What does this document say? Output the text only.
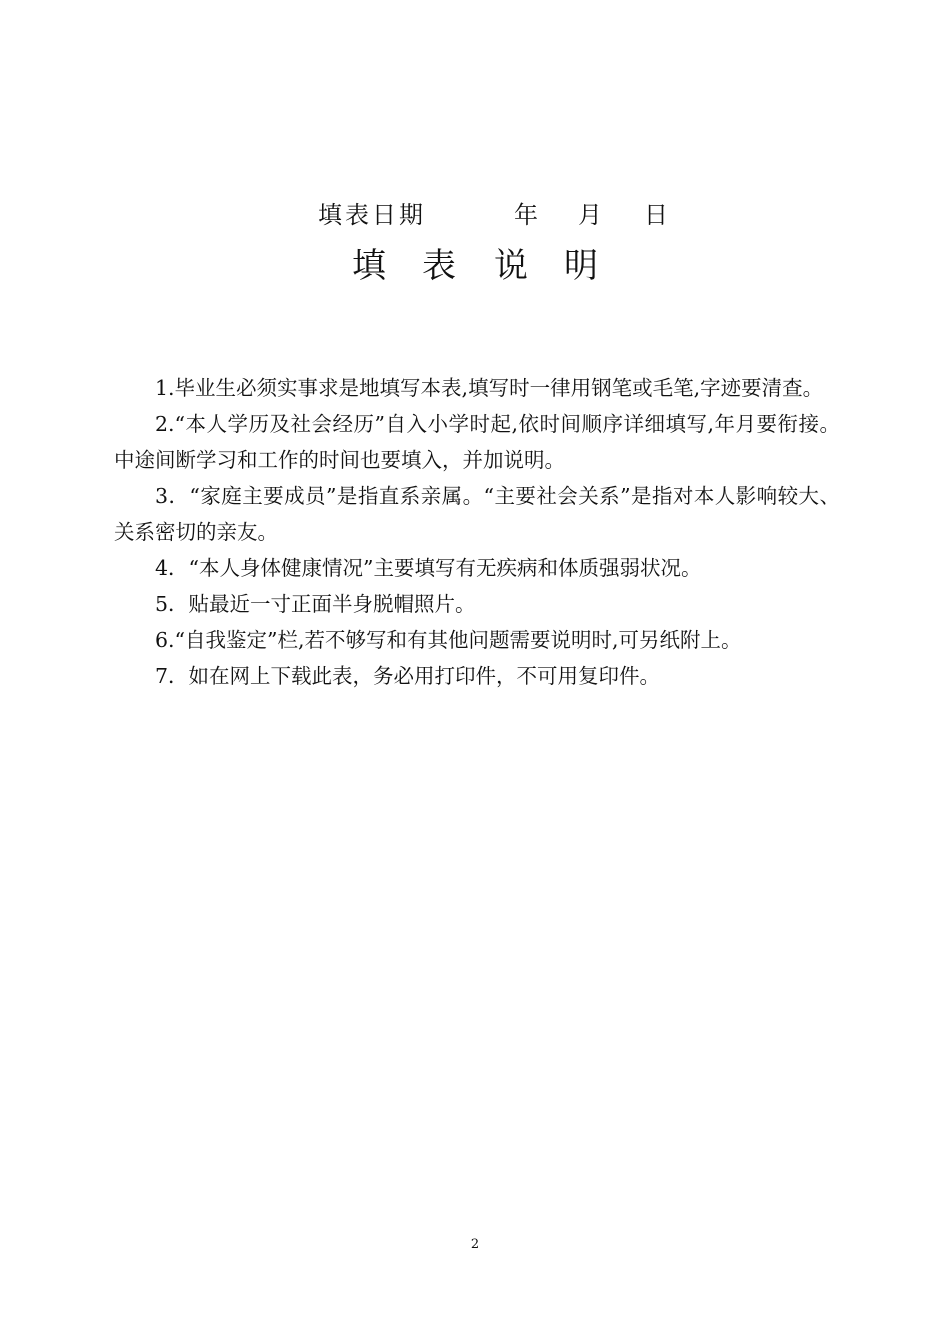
填表日期	年 月 日
填 表 说 明

1.毕业生必须实事求是地填写本表,填写时一律用钢笔或毛笔,字迹要清查。

2.“本人学历及社会经历”自入小学时起,依时间顺序详细填写,年月要衔接。中途间断学习和工作的时间也要填入，并加说明。

3．“家庭主要成员”是指直系亲属。“主要社会关系”是指对本人影响较大、关系密切的亲友。

4．“本人身体健康情况”主要填写有无疾病和体质强弱状况。

5．贴最近一寸正面半身脱帽照片。

6.“自我鉴定”栏,若不够写和有其他问题需要说明时,可另纸附上。

7．如在网上下载此表，务必用打印件，不可用复印件。

2
